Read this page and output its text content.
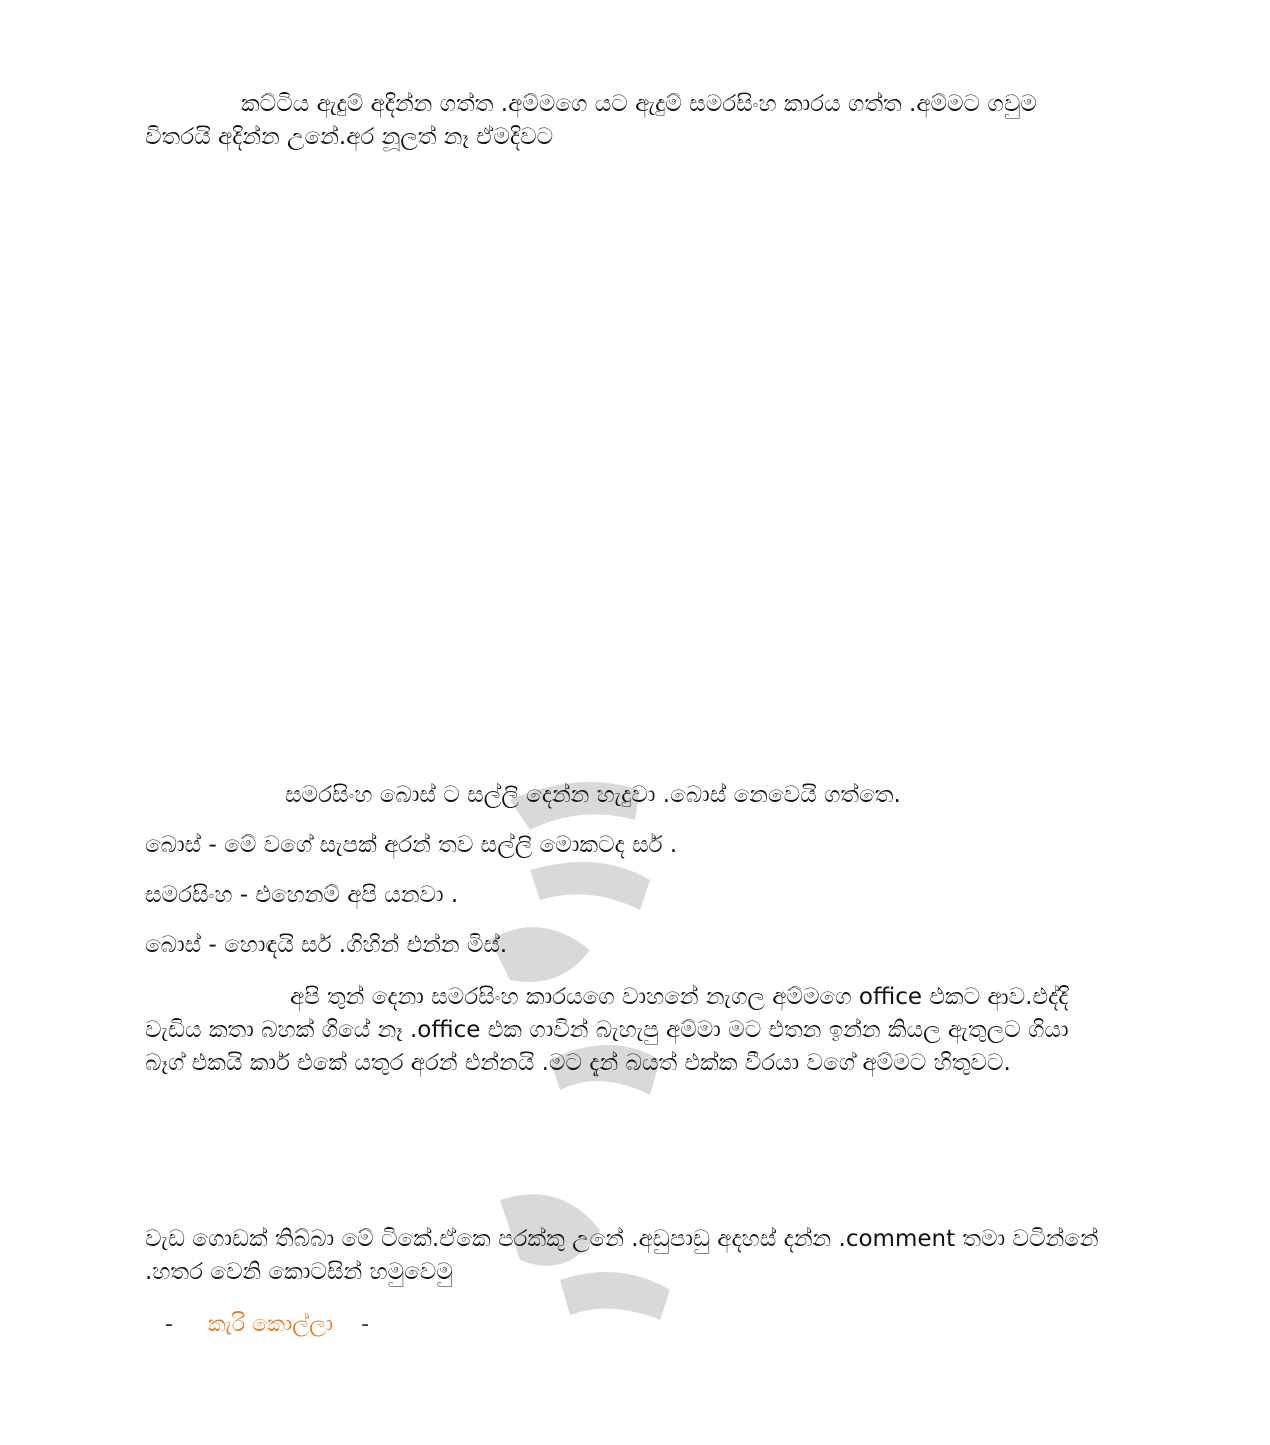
කට්ටිය ඇදුම් අදින්න ගත්ත .අම්මගෙ යට ඇදුම් සමරසිංහ කාරය ගත්ත .අම්මට ගවුම විතරයි අදින්න උනේ.අර නූලත් නෑ ඒමදිවට

සමරසිංහ බොස් ට සල්ලි දෙන්න හැදුවා .බොස් නෙවෙයි ගත්තෙ.

බොස් - මේ වගේ සැපක් අරන් තව සල්ලි මොකටද සර් .

සමරසිංහ - එහෙනම් අපි යනවා .

බොස් - හොඳයි සර් .ගිහින් එන්න මිස්.

අපි තුන් දෙනා සමරසිංහ කාරයගෙ වාහනේ නැගල අම්මගෙ office එකට ආව.එද්දි වැඩිය කතා බහක් ගියේ නෑ .office එක ගාවින් බැහැපු අම්මා මට එතන ඉන්න කියල ඇතුලට ගියා බෑග් එකයි කාර් එකේ යතුර අරන් එන්නයි .මට දැන් බයත් එක්ක වීරයා වගේ අම්මට හිතුවට.

වැඩ ගොඩක් තිබ්බා මේ ටිකේ.ඒකෙ පරක්කු උනේ .අඩුපාඩු අදහස් දන්න .comment තමා වටින්නේ .හතර වෙනි කොටසින් හමුවෙමු

- කැරි කොල්ලා -
